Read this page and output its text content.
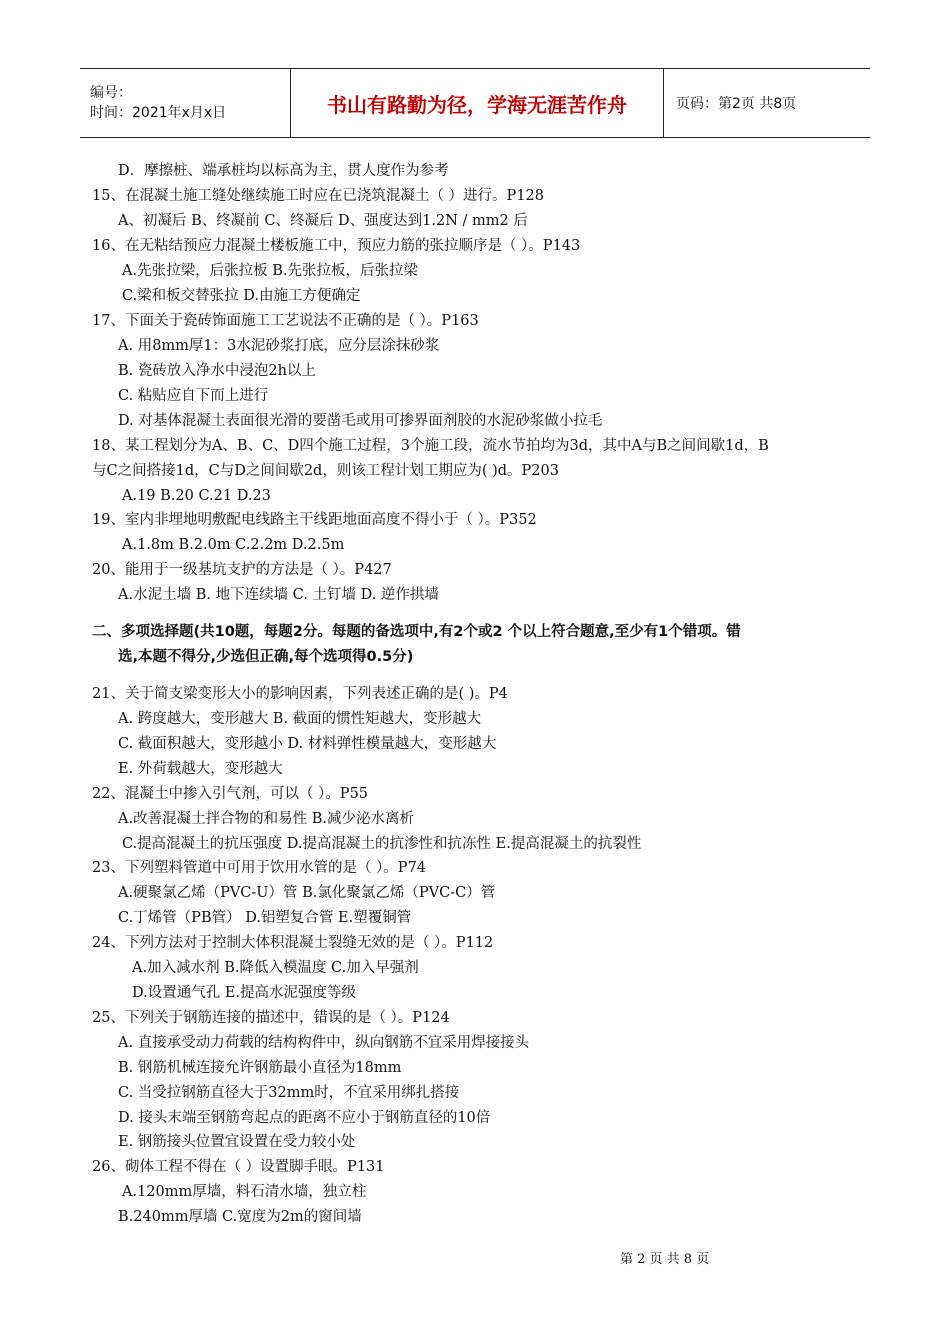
编号：
时间：2021年x月x日	书山有路勤为径，学海无涯苦作舟	页码：第2页 共8页
D．摩擦桩、端承桩均以标高为主，贯人度作为参考
15、在混凝土施工缝处继续施工时应在已浇筑混凝土（ ）进行。P128
A、初凝后 B、终凝前 C、终凝后 D、强度达到1.2N / mm2 后
16、在无粘结预应力混凝土楼板施工中，预应力筋的张拉顺序是（ ）。P143
A.先张拉梁，后张拉板 B.先张拉板，后张拉梁
C.梁和板交替张拉 D.由施工方便确定
17、下面关于瓷砖饰面施工工艺说法不正确的是（ ）。P163
A. 用8mm厚1：3水泥砂浆打底，应分层涂抹砂浆
B. 瓷砖放入净水中浸泡2h以上
C. 粘贴应自下而上进行
D. 对基体混凝土表面很光滑的要凿毛或用可掺界面剂胶的水泥砂浆做小拉毛
18、某工程划分为A、B、C、D四个施工过程，3个施工段，流水节拍均为3d，其中A与B之间间歇1d，B
与C之间搭接1d，C与D之间间歇2d，则该工程计划工期应为( )d。P203
A.19 B.20 C.21 D.23
19、室内非埋地明敷配电线路主干线距地面高度不得小于（ ）。P352
A.1.8m B.2.0m C.2.2m D.2.5m
20、能用于一级基坑支护的方法是（ ）。P427
A.水泥土墙 B. 地下连续墙 C. 土钉墙 D. 逆作拱墙
二、多项选择题(共10题，每题2分。每题的备选项中,有2个或2 个以上符合题意,至少有1个错项。错
选,本题不得分,少选但正确,每个选项得0.5分)
21、关于简支梁变形大小的影响因素，下列表述正确的是( )。P4
A. 跨度越大，变形越大 B. 截面的惯性矩越大，变形越大
C. 截面积越大，变形越小 D. 材料弹性模量越大，变形越大
E. 外荷载越大，变形越大
22、混凝土中掺入引气剂，可以（ ）。P55
A.改善混凝土拌合物的和易性 B.减少泌水离析
C.提高混凝土的抗压强度 D.提高混凝土的抗渗性和抗冻性 E.提高混凝土的抗裂性
23、下列塑料管道中可用于饮用水管的是（ ）。P74
A.硬聚氯乙烯（PVC-U）管 B.氯化聚氯乙烯（PVC-C）管
C.丁烯管（PB管） D.铝塑复合管 E.塑覆铜管
24、下列方法对于控制大体积混凝土裂缝无效的是（ ）。P112
A.加入减水剂 B.降低入模温度 C.加入早强剂
D.设置通气孔 E.提高水泥强度等级
25、下列关于钢筋连接的描述中，错误的是（ ）。P124
A. 直接承受动力荷载的结构构件中，纵向钢筋不宜采用焊接接头
B. 钢筋机械连接允许钢筋最小直径为18mm
C. 当受拉钢筋直径大于32mm时，不宜采用绑扎搭接
D. 接头末端至钢筋弯起点的距离不应小于钢筋直径的10倍
E. 钢筋接头位置宜设置在受力较小处
26、砌体工程不得在（ ）设置脚手眼。P131
A.120mm厚墙，料石清水墙，独立柱
B.240mm厚墙 C.宽度为2m的窗间墙
第 2 页 共 8 页
